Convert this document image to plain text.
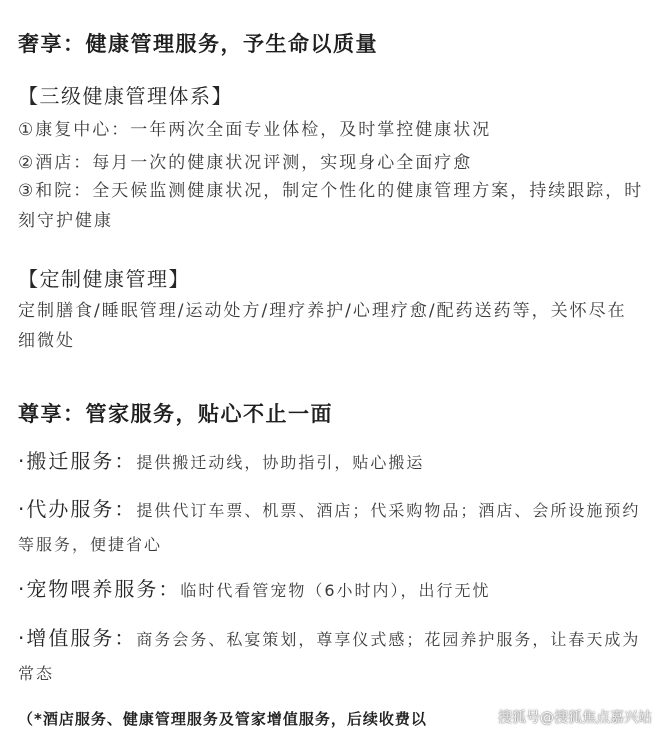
奢享：健康管理服务，予生命以质量
【三级健康管理体系】
①康复中心：一年两次全面专业体检，及时掌控健康状况
②酒店：每月一次的健康状况评测，实现身心全面疗愈
③和院：全天候监测健康状况，制定个性化的健康管理方案，持续跟踪，时刻守护健康
【定制健康管理】
定制膳食/睡眠管理/运动处方/理疗养护/心理疗愈/配药送药等，关怀尽在细微处
尊享：管家服务，贴心不止一面
·搬迁服务：提供搬迁动线，协助指引，贴心搬运
·代办服务：提供代订车票、机票、酒店；代采购物品；酒店、会所设施预约等服务，便捷省心
·宠物喂养服务：临时代看管宠物（6小时内），出行无忧
·增值服务：商务会务、私宴策划，尊享仪式感；花园养护服务，让春天成为常态
（*酒店服务、健康管理服务及管家增值服务，后续收费以	搜狐号@搜狐焦点嘉兴站
